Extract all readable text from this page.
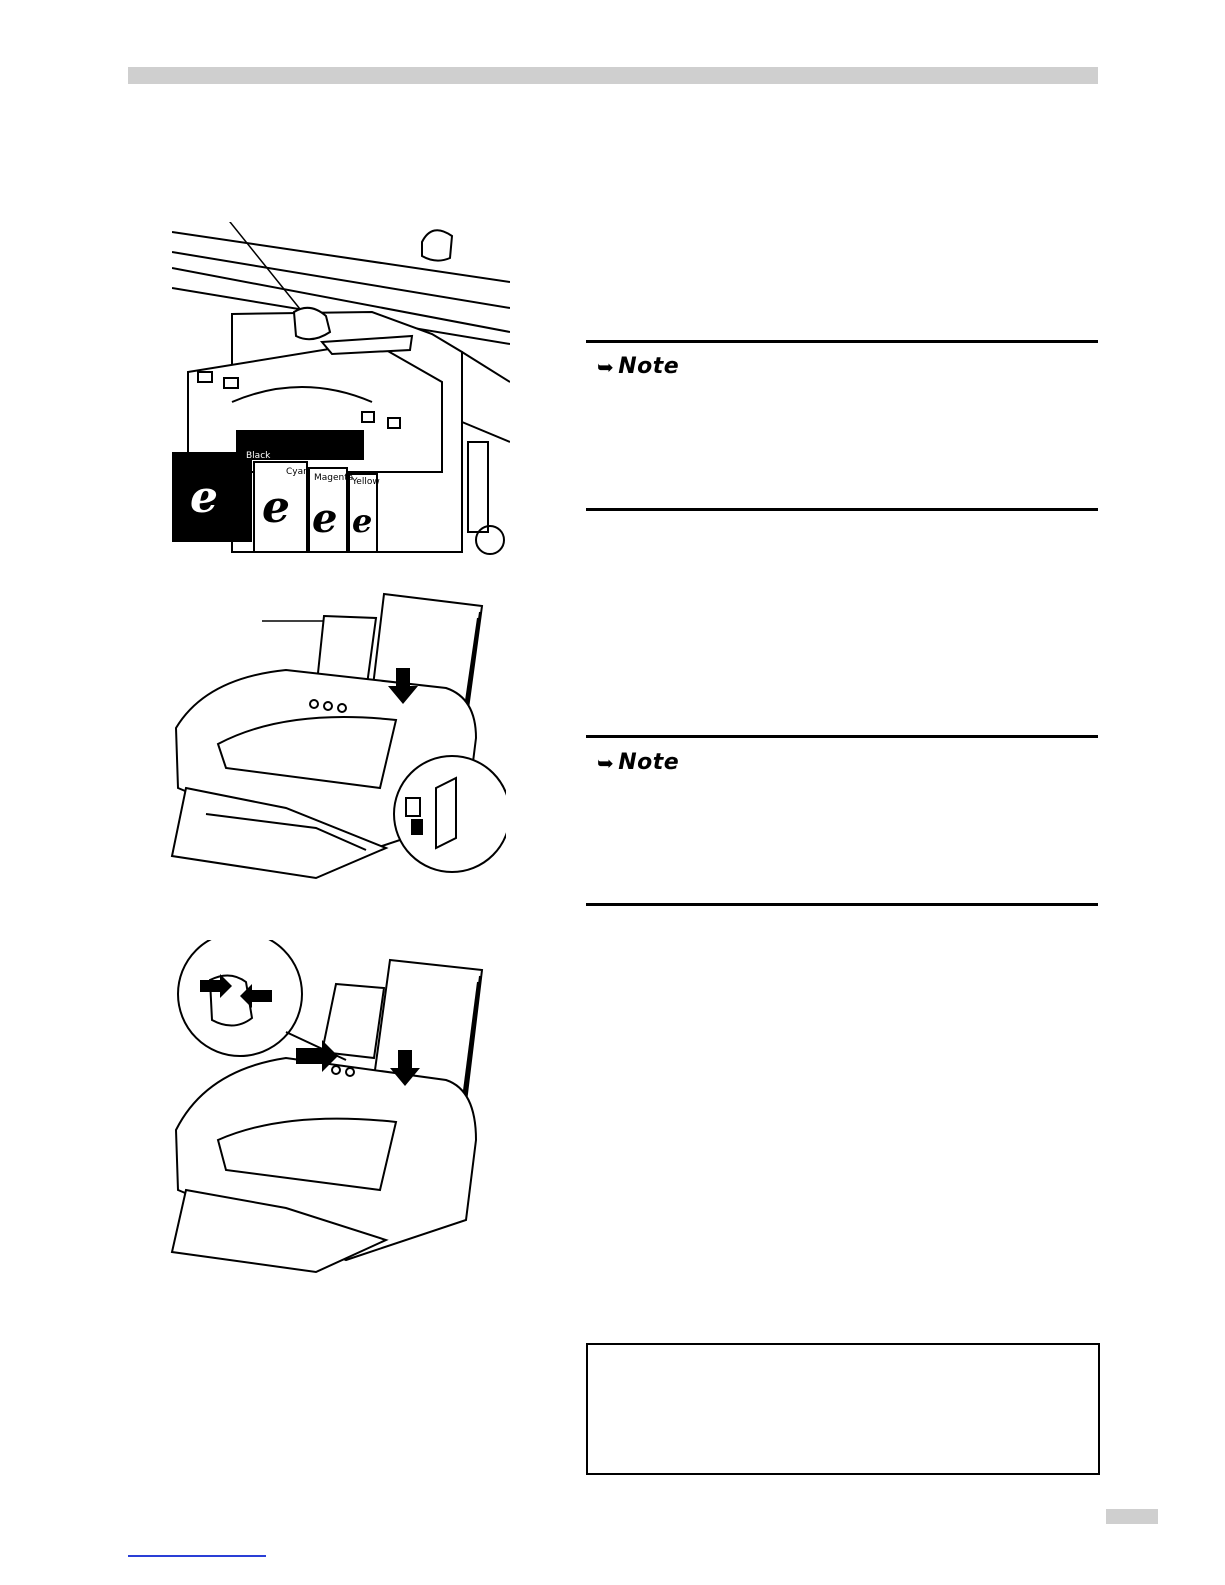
e e e e
Black
Cyan
Magenta
Yellow
➥ Note
➥ Note
